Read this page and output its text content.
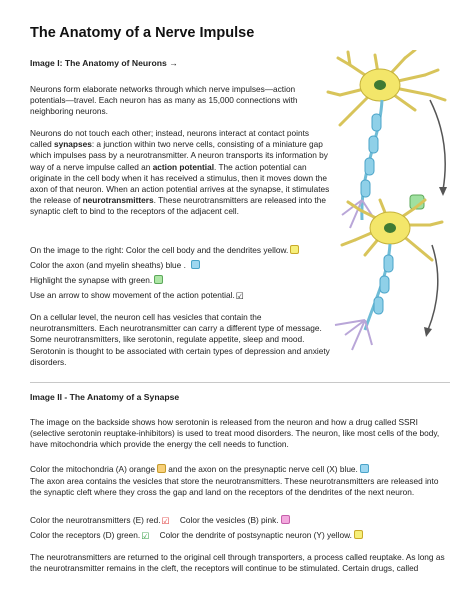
The Anatomy of a Nerve Impulse

Image I: The Anatomy of Neurons →

Neurons form elaborate networks through which nerve impulses—action potentials—travel. Each neuron has as many as 15,000 connections with neighboring neurons.

Neurons do not touch each other; instead, neurons interact at contact points called synapses: a junction within two nerve cells, consisting of a miniature gap which impulses pass by a neurotransmitter. A neuron transports its information by way of a nerve impulse called an action potential. The action potential can originate in the cell body when it has received a stimulus, then it moves down the axon of that neuron. When an action potential arrives at the synapse, it stimulates the release of neurotransmitters. These neurotransmitters are released into the synaptic cleft to bind to the receptors of the adjacent cell.

On the image to the right: Color the cell body and the dendrites yellow.

Color the axon (and myelin sheaths) blue .

Highlight the synapse with green.

Use an arrow to show movement of the action potential.☑

On a cellular level, the neuron cell has vesicles that contain the neurotransmitters. Each neurotransmitter can carry a different type of message. Some neurotransmitters, like serotonin, regulate appetite, sleep and mood. Serotonin is thought to be associated with certain types of depression and anxiety disorders.

Image II - The Anatomy of a Synapse

The image on the backside shows how serotonin is released from the neuron and how a drug called SSRI (selective serotonin reuptake-inhibitors) is used to treat mood disorders. The neuron, like most cells of the body, have mitochondria which provide the energy the cell needs to function.

Color the mitochondria (A) orange and the axon on the presynaptic nerve cell (X) blue.

The axon area contains the vesicles that store the neurotransmitters. These neurotransmitters are released into the synaptic cleft where they cross the gap and land on the receptors of the dendrites of the next neuron.

Color the neurotransmitters (E) red.☑ Color the vesicles (B) pink.

Color the receptors (D) green.☑ Color the dendrite of postsynaptic neuron (Y) yellow.

The neurotransmitters are returned to the original cell through transporters, a process called reuptake. As long as the neurotransmitter remains in the cleft, the receptors will continue to be stimulated. Certain drugs, called
